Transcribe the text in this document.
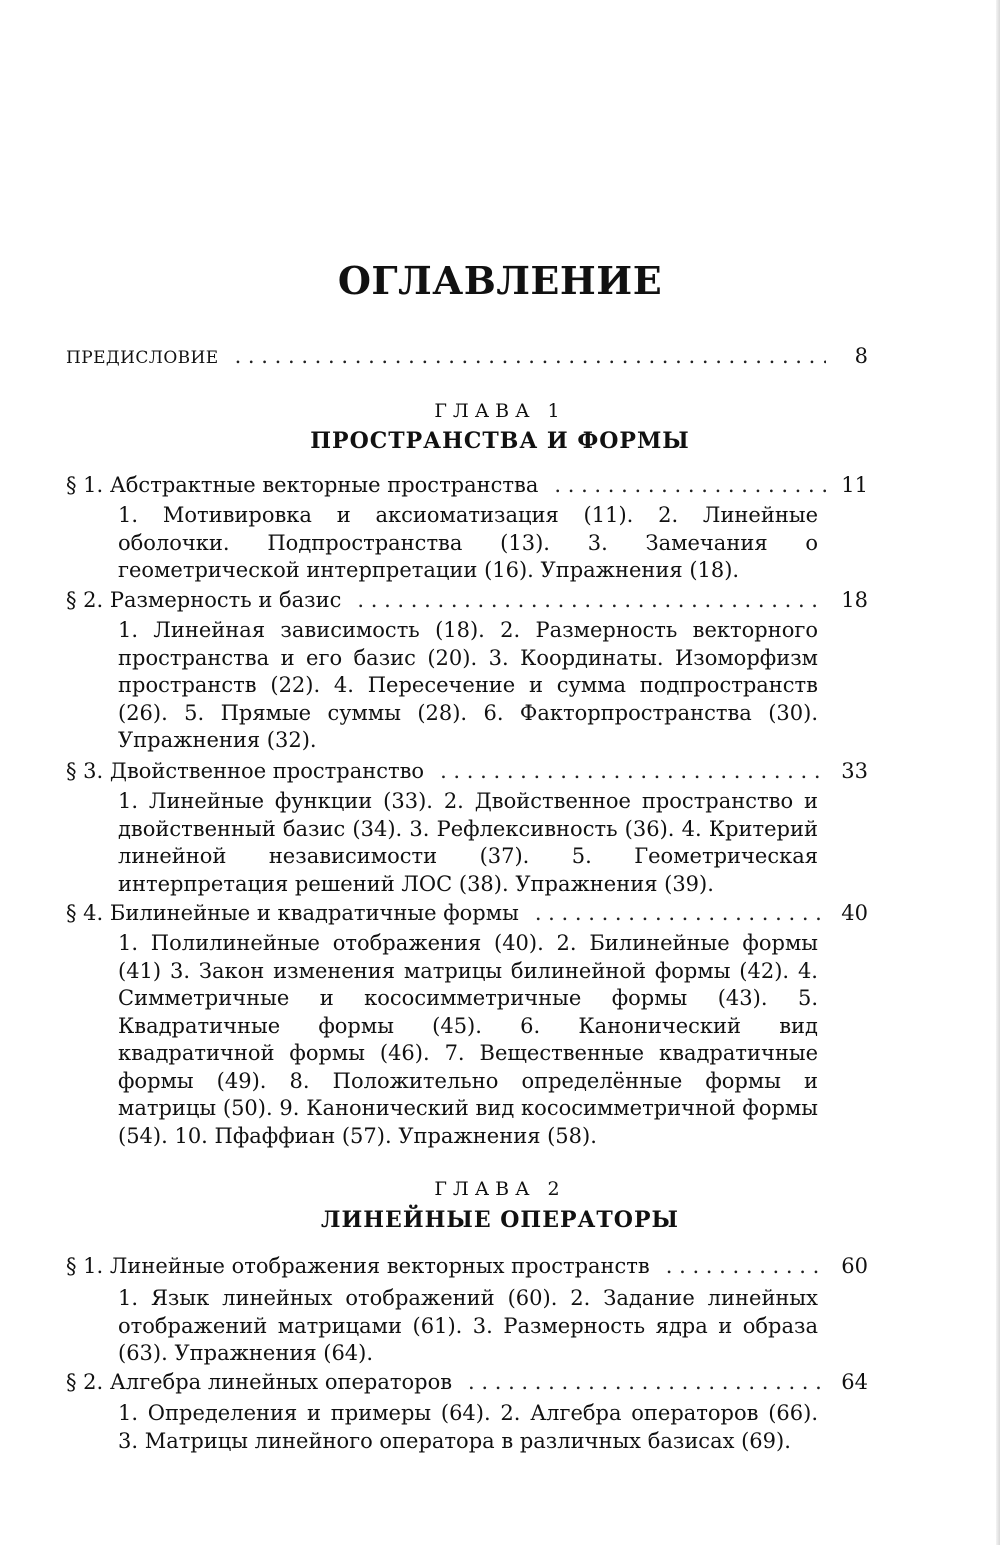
ОГЛАВЛЕНИЕ
ПРЕДИСЛОВИЕ . . .	8
ГЛАВА 1
ПРОСТРАНСТВА И ФОРМЫ
§ 1. Абстрактные векторные пространства . . .	11
1. Мотивировка и аксиоматизация (11). 2. Линейные оболочки. Подпространства (13). 3. Замечания о геометрической интерпретации (16). Упражнения (18).
§ 2. Размерность и базис . . .	18
1. Линейная зависимость (18). 2. Размерность векторного пространства и его базис (20). 3. Координаты. Изоморфизм пространств (22). 4. Пересечение и сумма подпространств (26). 5. Прямые суммы (28). 6. Факторпространства (30). Упражнения (32).
§ 3. Двойственное пространство . . .	33
1. Линейные функции (33). 2. Двойственное пространство и двойственный базис (34). 3. Рефлексивность (36). 4. Критерий линейной независимости (37). 5. Геометрическая интерпретация решений ЛОС (38). Упражнения (39).
§ 4. Билинейные и квадратичные формы . . .	40
1. Полилинейные отображения (40). 2. Билинейные формы (41) 3. Закон изменения матрицы билинейной формы (42). 4. Симметричные и кососимметричные формы (43). 5. Квадратичные формы (45). 6. Канонический вид квадратичной формы (46). 7. Вещественные квадратичные формы (49). 8. Положительно определённые формы и матрицы (50). 9. Канонический вид кососимметричной формы (54). 10. Пфаффиан (57). Упражнения (58).
ГЛАВА 2
ЛИНЕЙНЫЕ ОПЕРАТОРЫ
§ 1. Линейные отображения векторных пространств . . .	60
1. Язык линейных отображений (60). 2. Задание линейных отображений матрицами (61). 3. Размерность ядра и образа (63). Упражнения (64).
§ 2. Алгебра линейных операторов . . .	64
1. Определения и примеры (64). 2. Алгебра операторов (66). 3. Матрицы линейного оператора в различных базисах (69).
